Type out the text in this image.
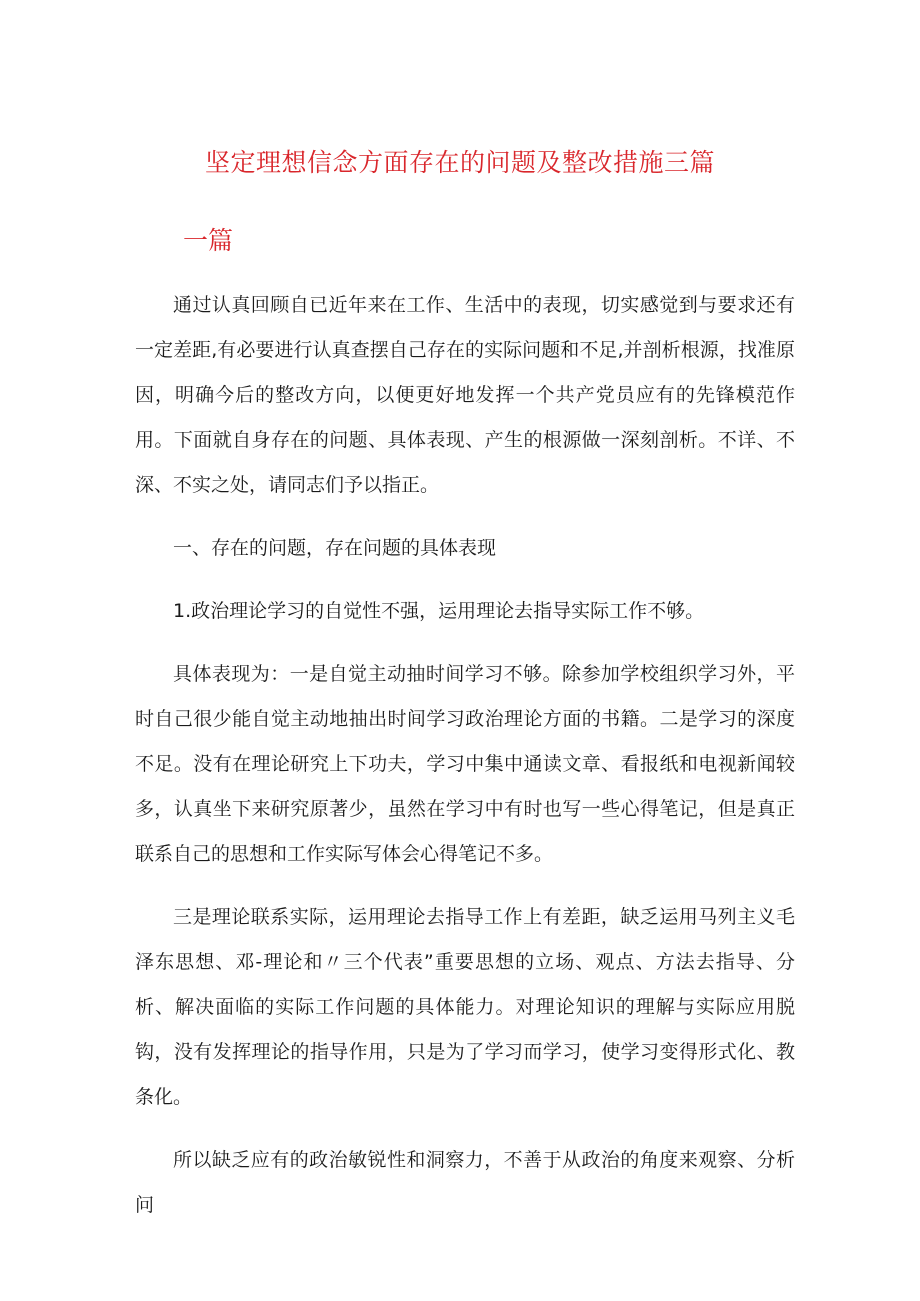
坚定理想信念方面存在的问题及整改措施三篇
一篇

通过认真回顾自已近年来在工作、生活中的表现，切实感觉到与要求还有一定差距,有必要进行认真查摆自己存在的实际问题和不足,并剖析根源，找准原因，明确今后的整改方向，以便更好地发挥一个共产党员应有的先锋模范作用。下面就自身存在的问题、具体表现、产生的根源做一深刻剖析。不详、不深、不实之处，请同志们予以指正。

一、存在的问题，存在问题的具体表现

1.政治理论学习的自觉性不强，运用理论去指导实际工作不够。

具体表现为：一是自觉主动抽时间学习不够。除参加学校组织学习外，平时自己很少能自觉主动地抽出时间学习政治理论方面的书籍。二是学习的深度不足。没有在理论研究上下功夫，学习中集中通读文章、看报纸和电视新闻较多，认真坐下来研究原著少，虽然在学习中有时也写一些心得笔记，但是真正联系自己的思想和工作实际写体会心得笔记不多。

三是理论联系实际，运用理论去指导工作上有差距，缺乏运用马列主义毛泽东思想、邓-理论和〃三个代表”重要思想的立场、观点、方法去指导、分析、解决面临的实际工作问题的具体能力。对理论知识的理解与实际应用脱钩，没有发挥理论的指导作用，只是为了学习而学习，使学习变得形式化、教条化。

所以缺乏应有的政治敏锐性和洞察力，不善于从政治的角度来观察、分析问
